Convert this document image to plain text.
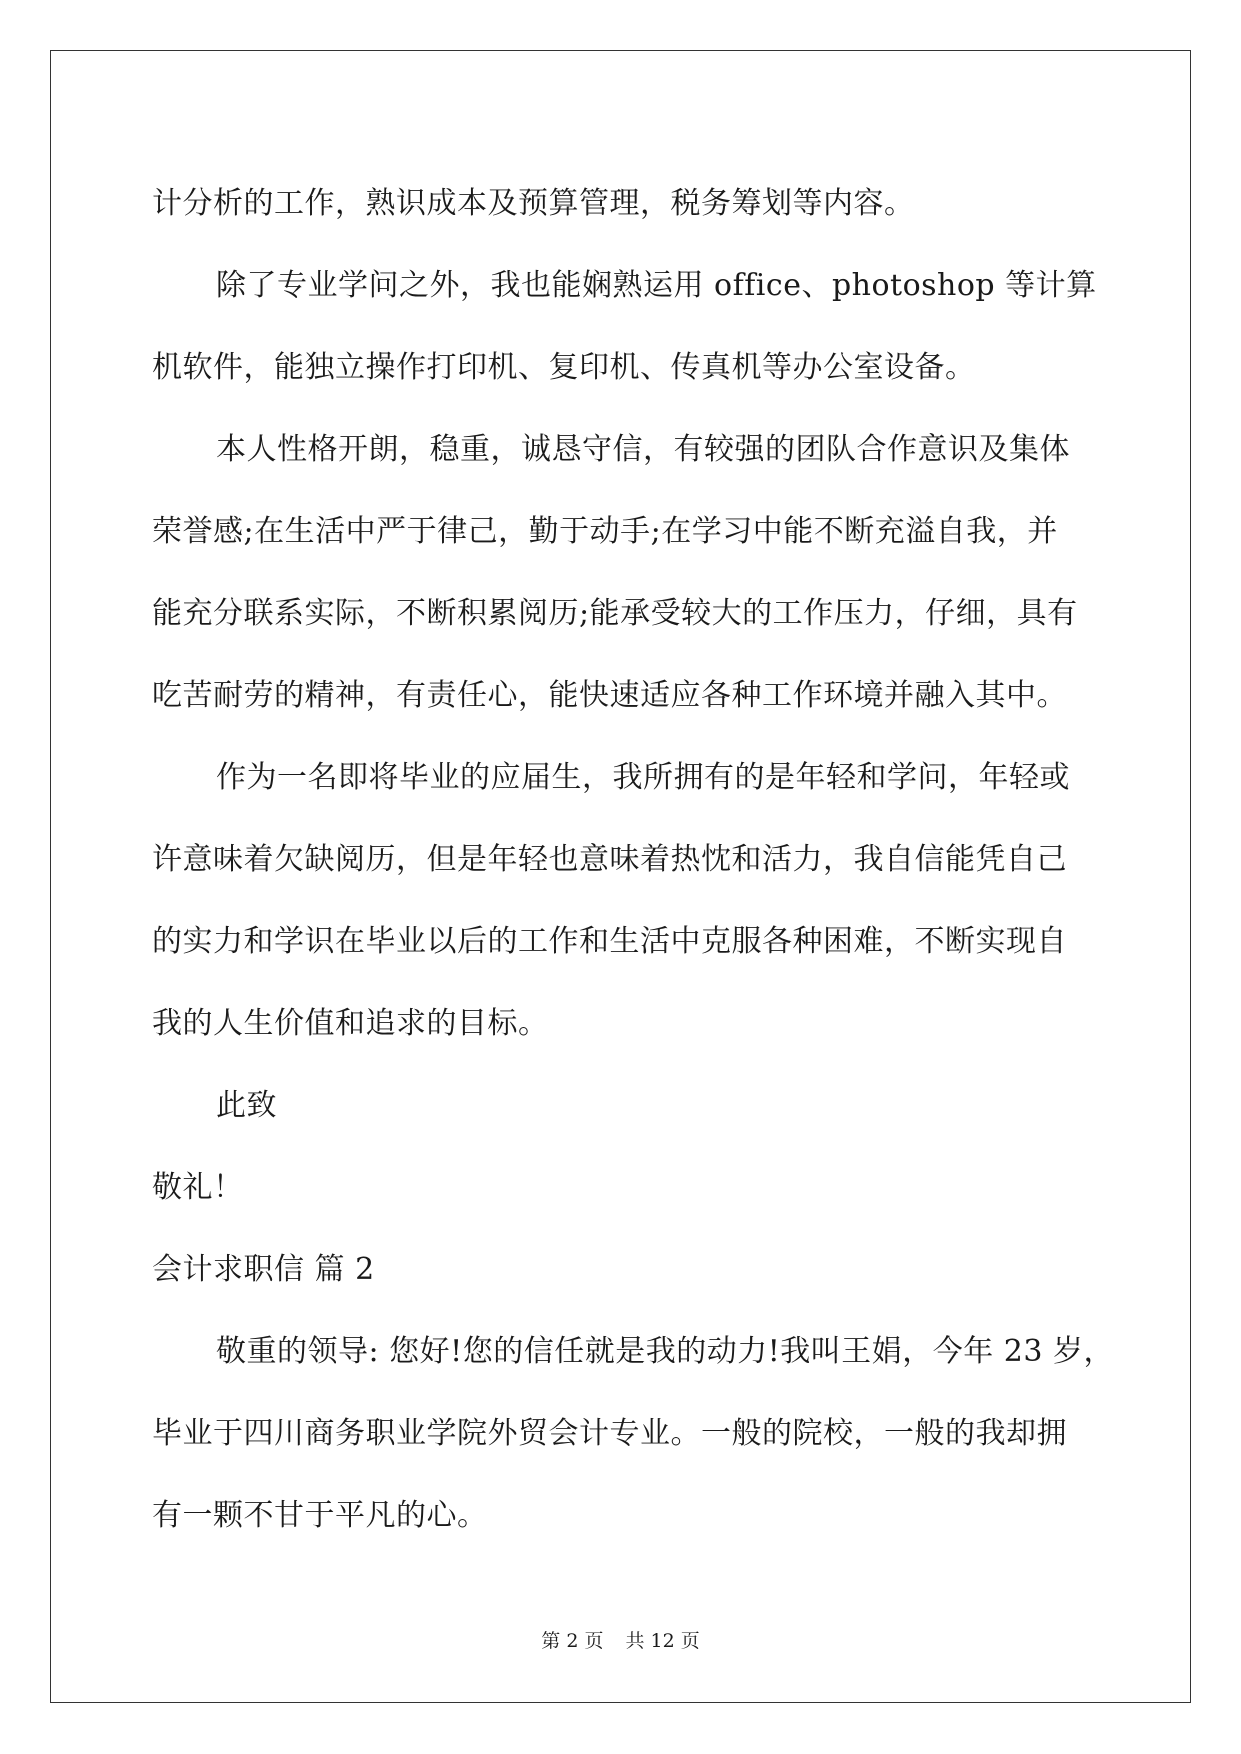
计分析的工作，熟识成本及预算管理，税务筹划等内容。
除了专业学问之外，我也能娴熟运用 office、photoshop 等计算
机软件，能独立操作打印机、复印机、传真机等办公室设备。
本人性格开朗，稳重，诚恳守信，有较强的团队合作意识及集体
荣誉感;在生活中严于律己，勤于动手;在学习中能不断充溢自我，并
能充分联系实际，不断积累阅历;能承受较大的工作压力，仔细，具有
吃苦耐劳的精神，有责任心，能快速适应各种工作环境并融入其中。
作为一名即将毕业的应届生，我所拥有的是年轻和学问，年轻或
许意味着欠缺阅历，但是年轻也意味着热忱和活力，我自信能凭自己
的实力和学识在毕业以后的工作和生活中克服各种困难，不断实现自
我的人生价值和追求的目标。
此致
敬礼！
会计求职信 篇 2
敬重的领导: 您好!您的信任就是我的动力!我叫王娟，今年 23 岁，
毕业于四川商务职业学院外贸会计专业。一般的院校，一般的我却拥
有一颗不甘于平凡的心。
第 2 页 共 12 页
